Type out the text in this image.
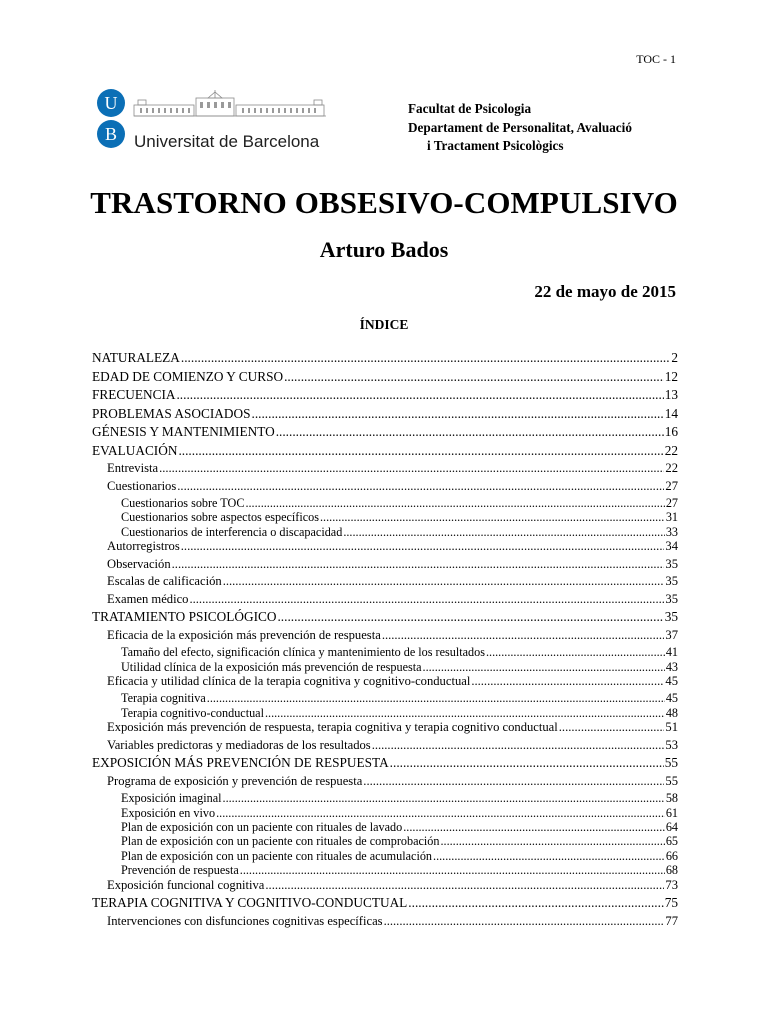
TOC - 1
U
B Universitat de Barcelona
Facultat de Psicologia
Departament de Personalitat, Avaluació
i Tractament Psicològics
TRASTORNO OBSESIVO-COMPULSIVO
Arturo Bados
22 de mayo de 2015
ÍNDICE
NATURALEZA .....	2
EDAD DE COMIENZO Y CURSO .....	12
FRECUENCIA .....	13
PROBLEMAS ASOCIADOS .....	14
GÉNESIS Y MANTENIMIENTO .....	16
EVALUACIÓN .....	22
Entrevista .....	22
Cuestionarios .....	27
Cuestionarios sobre TOC .....	27
Cuestionarios sobre aspectos específicos .....	31
Cuestionarios de interferencia o discapacidad .....	33
Autorregistros .....	34
Observación .....	35
Escalas de calificación .....	35
Examen médico .....	35
TRATAMIENTO PSICOLÓGICO .....	35
Eficacia de la exposición más prevención de respuesta .....	37
Tamaño del efecto, significación clínica y mantenimiento de los resultados .....	41
Utilidad clínica de la exposición más prevención de respuesta .....	43
Eficacia y utilidad clínica de la terapia cognitiva y cognitivo-conductual .....	45
Terapia cognitiva .....	45
Terapia cognitivo-conductual .....	48
Exposición más prevención de respuesta, terapia cognitiva y terapia cognitivo conductual .....	51
Variables predictoras y mediadoras de los resultados .....	53
EXPOSICIÓN MÁS PREVENCIÓN DE RESPUESTA .....	55
Programa de exposición y prevención de respuesta .....	55
Exposición imaginal .....	58
Exposición en vivo .....	61
Plan de exposición con un paciente con rituales de lavado .....	64
Plan de exposición con un paciente con rituales de comprobación .....	65
Plan de exposición con un paciente con rituales de acumulación .....	66
Prevención de respuesta .....	68
Exposición funcional cognitiva .....	73
TERAPIA COGNITIVA Y COGNITIVO-CONDUCTUAL .....	75
Intervenciones con disfunciones cognitivas específicas .....	77
